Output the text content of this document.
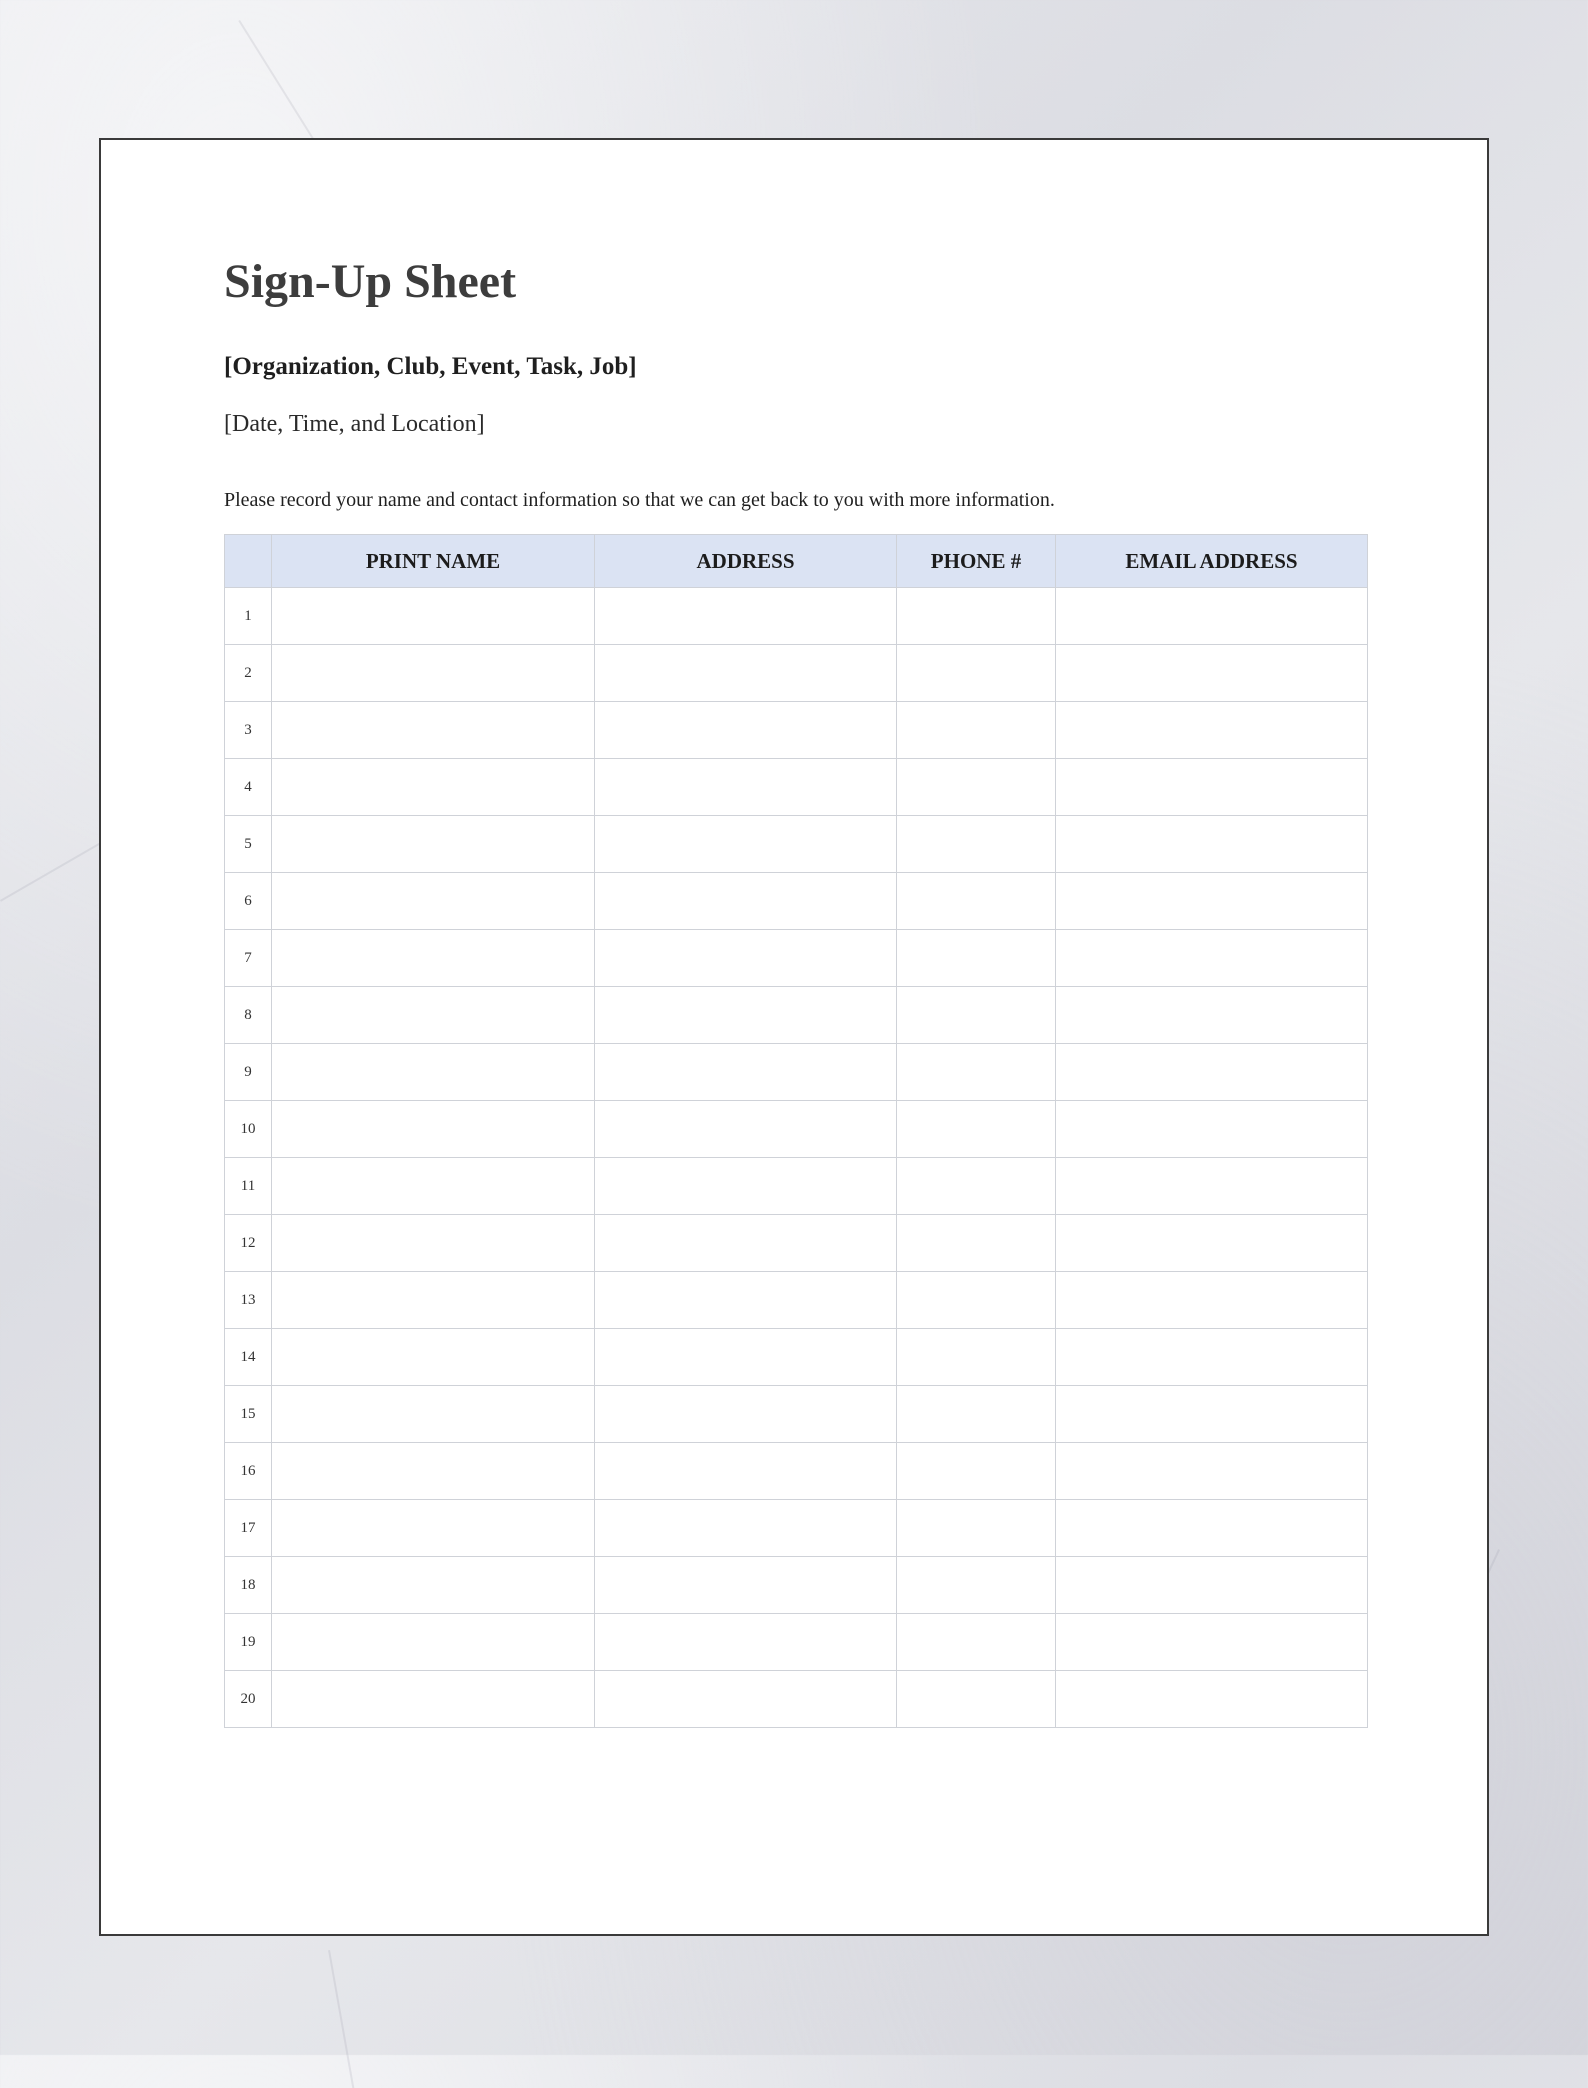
Sign-Up Sheet
[Organization, Club, Event, Task, Job]
[Date, Time, and Location]
Please record your name and contact information so that we can get back to you with more information.
	PRINT NAME	ADDRESS	PHONE #	EMAIL ADDRESS
1				
2				
3				
4				
5				
6				
7				
8				
9				
10				
11				
12				
13				
14				
15				
16				
17				
18				
19				
20				
